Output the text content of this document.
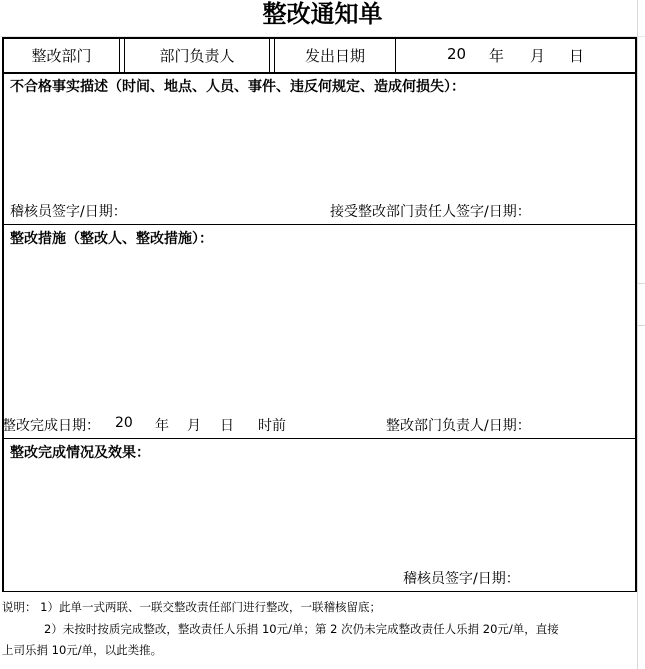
整改通知单
整改部门	部门负责人	发出日期	20 年 月 日
不合格事实描述（时间、地点、人员、事件、违反何规定、造成何损失）：
稽核员签字/日期：	接受整改部门责任人签字/日期：
整改措施（整改人、整改措施）：
整改完成日期： 20 年 月 日 时前	整改部门负责人/日期：
整改完成情况及效果：
稽核员签字/日期：
说明： 1）此单一式两联、一联交整改责任部门进行整改，一联稽核留底；
2）未按时按质完成整改，整改责任人乐捐 10元/单；第 2 次仍未完成整改责任人乐捐 20元/单，直接
上司乐捐 10元/单，以此类推。
